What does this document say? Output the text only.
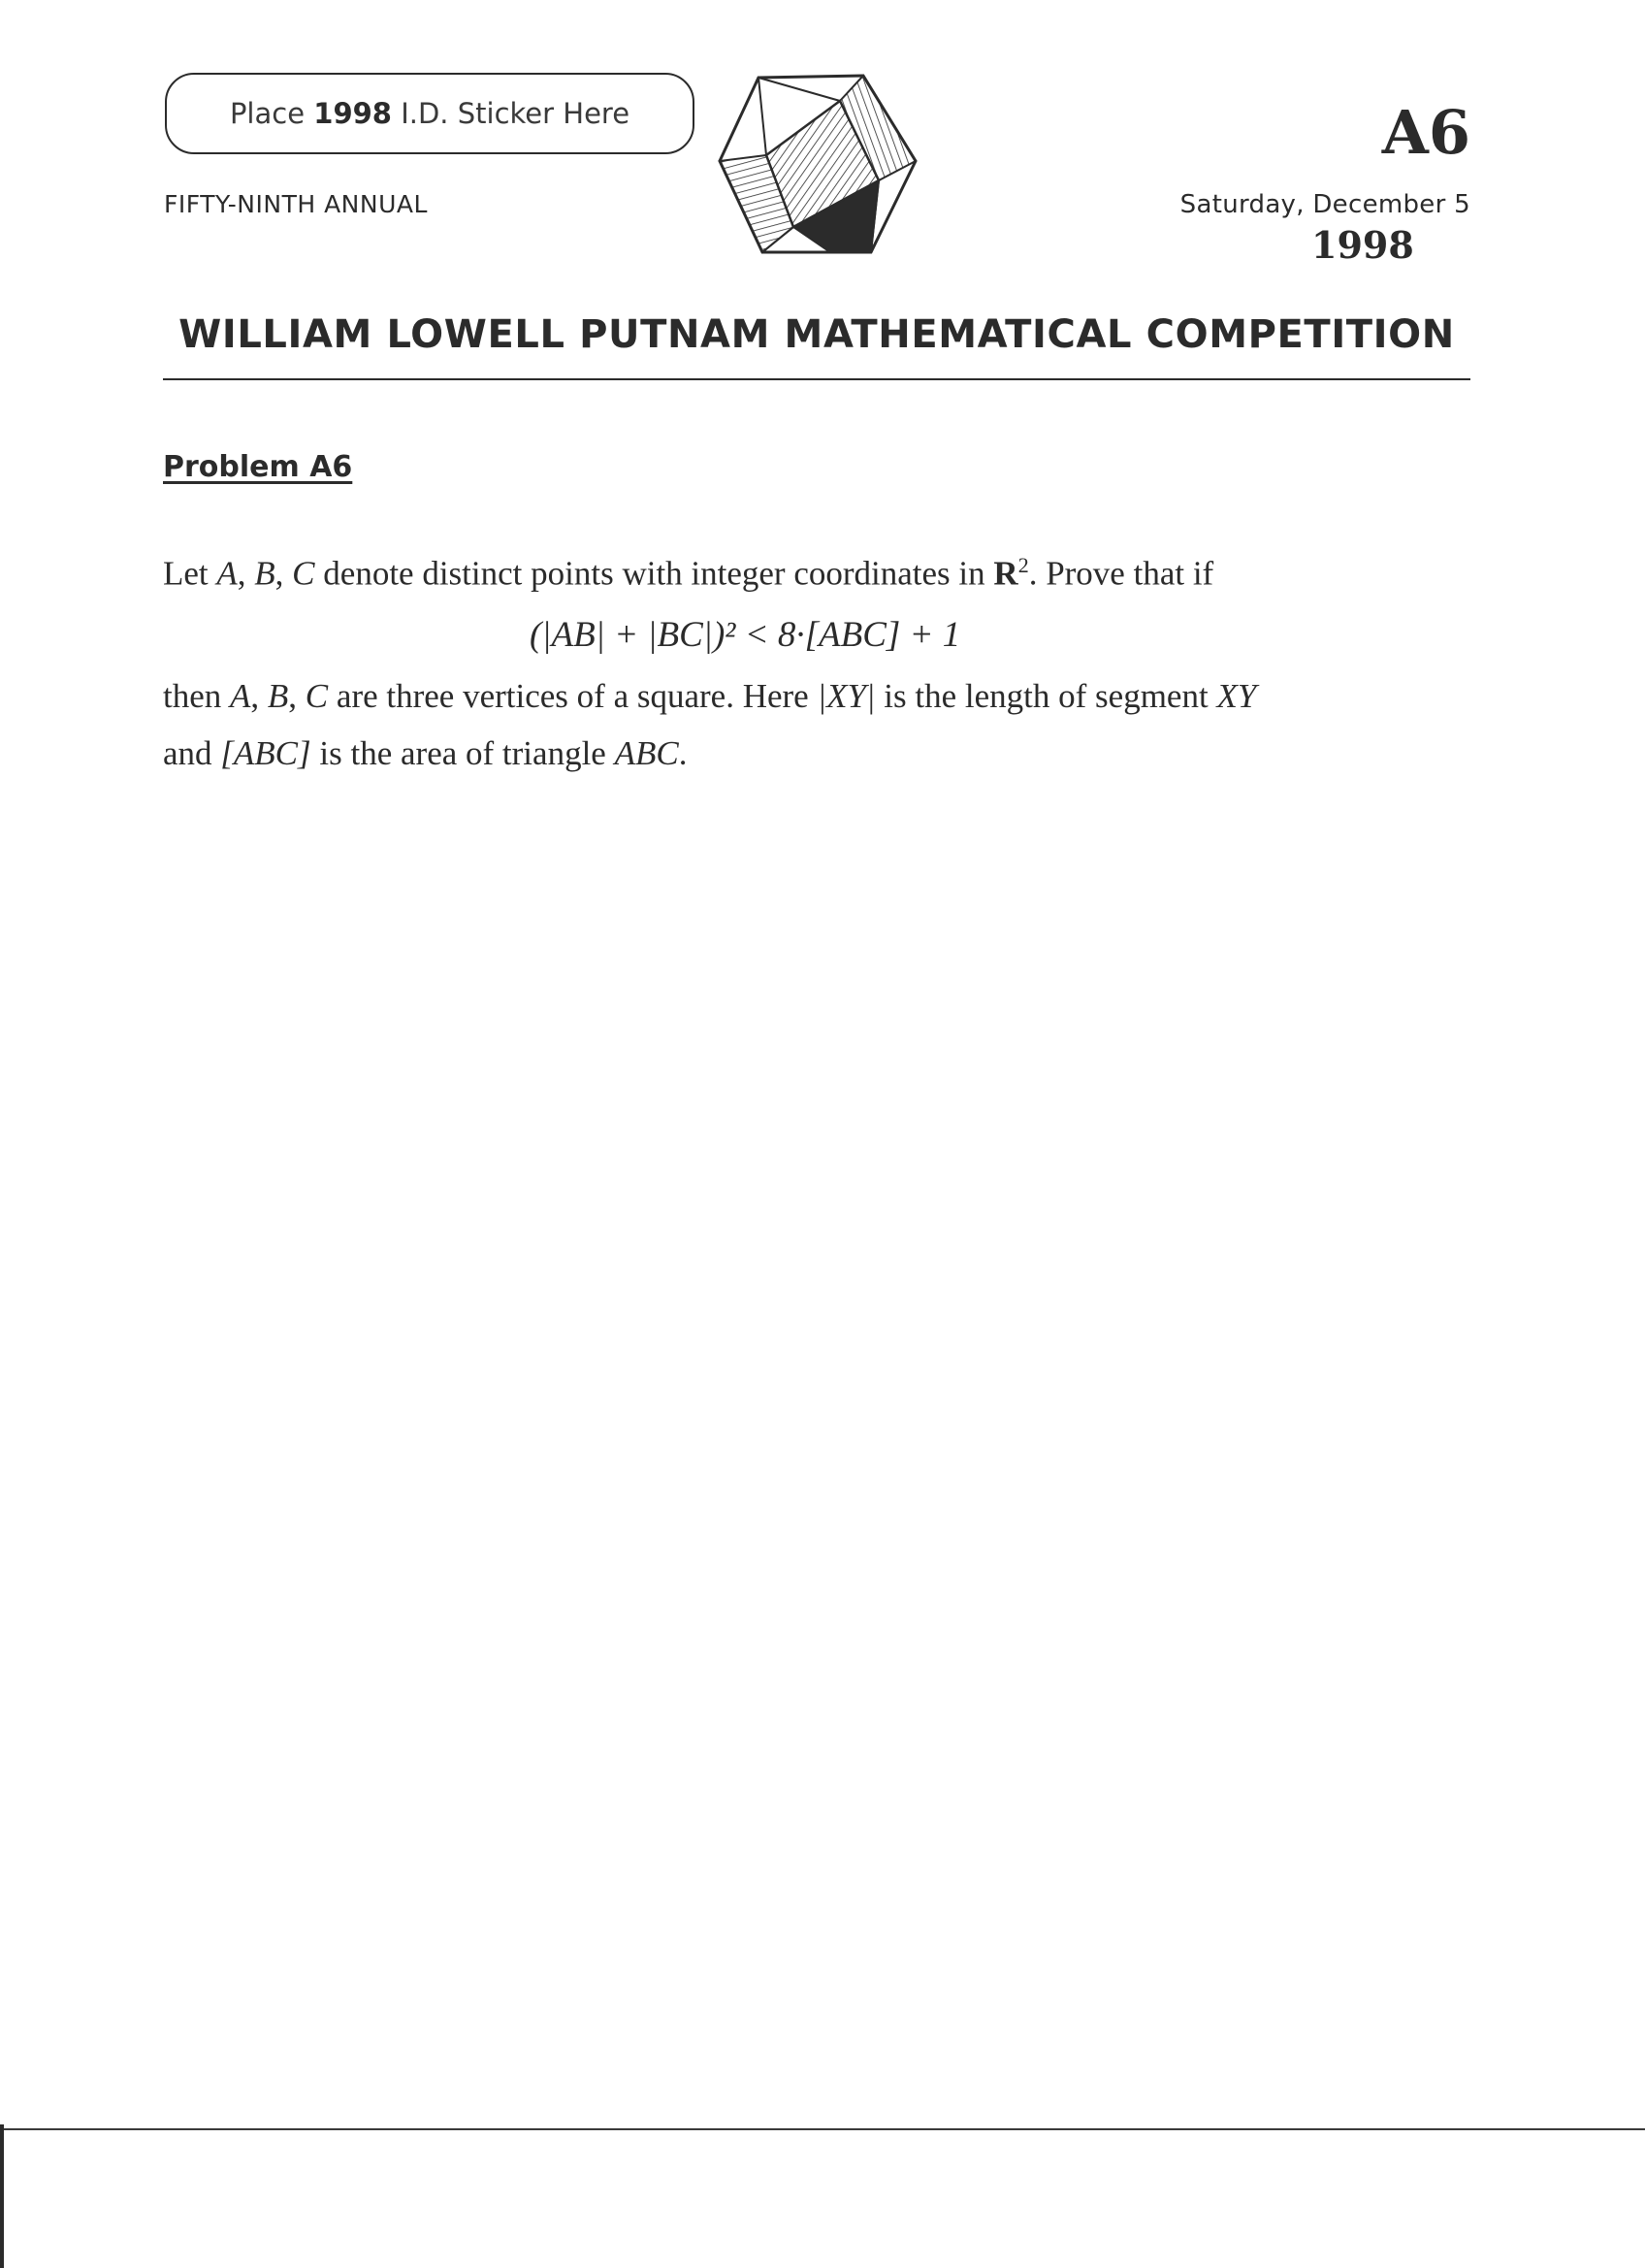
Place 1998 I.D. Sticker Here
FIFTY-NINTH ANNUAL
A6
Saturday, December 5
1998
WILLIAM LOWELL PUTNAM MATHEMATICAL COMPETITION
Problem A6
Let A, B, C denote distinct points with integer coordinates in $R^2$. Prove that if
(|AB| + |BC|)² < 8·[ABC] + 1
then A, B, C are three vertices of a square. Here |XY| is the length of segment XY
and [ABC] is the area of triangle ABC.
